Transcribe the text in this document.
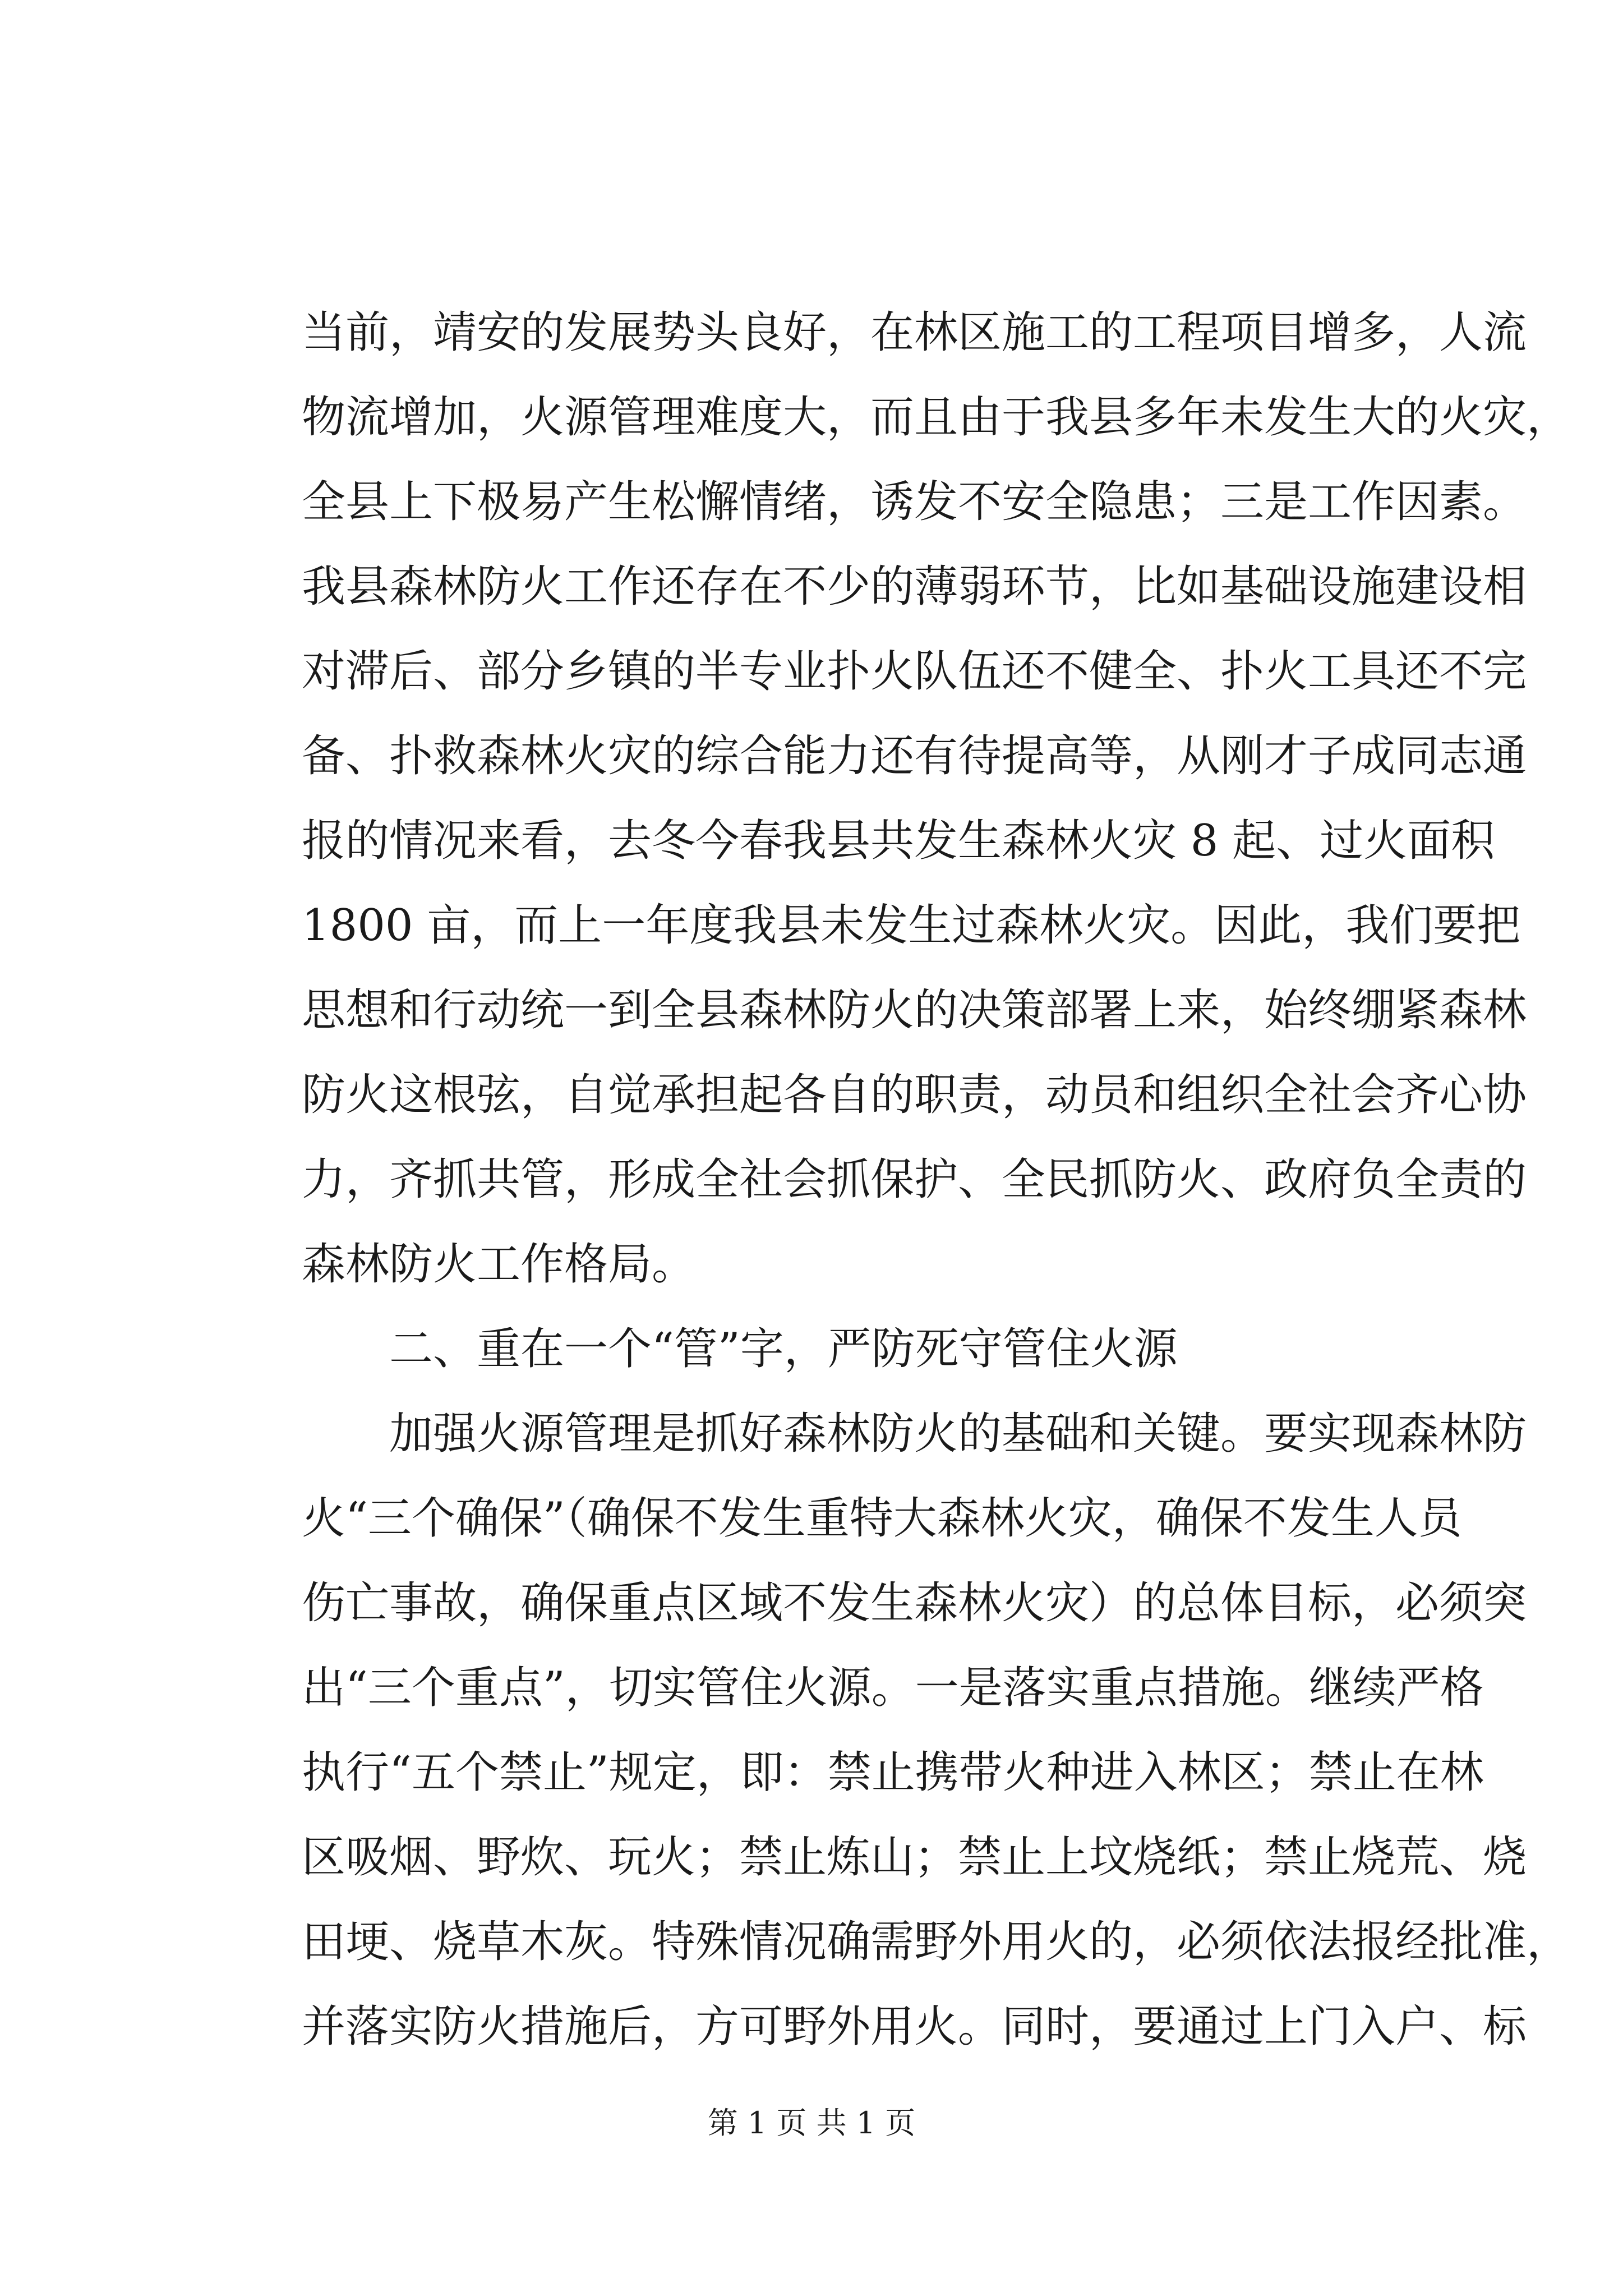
当前，靖安的发展势头良好，在林区施工的工程项目增多，人流
物流增加，火源管理难度大，而且由于我县多年未发生大的火灾，
全县上下极易产生松懈情绪，诱发不安全隐患；三是工作因素。
我县森林防火工作还存在不少的薄弱环节，比如基础设施建设相
对滞后、部分乡镇的半专业扑火队伍还不健全、扑火工具还不完
备、扑救森林火灾的综合能力还有待提高等，从刚才子成同志通
报的情况来看，去冬今春我县共发生森林火灾 8 起、过火面积
1800 亩，而上一年度我县未发生过森林火灾。因此，我们要把
思想和行动统一到全县森林防火的决策部署上来，始终绷紧森林
防火这根弦，自觉承担起各自的职责，动员和组织全社会齐心协
力，齐抓共管，形成全社会抓保护、全民抓防火、政府负全责的
森林防火工作格局。
二、重在一个“管”字，严防死守管住火源
加强火源管理是抓好森林防火的基础和关键。要实现森林防
火“三个确保”（确保不发生重特大森林火灾，确保不发生人员
伤亡事故，确保重点区域不发生森林火灾）的总体目标，必须突
出“三个重点”，切实管住火源。一是落实重点措施。继续严格
执行“五个禁止”规定，即：禁止携带火种进入林区；禁止在林
区吸烟、野炊、玩火；禁止炼山；禁止上坟烧纸；禁止烧荒、烧
田埂、烧草木灰。特殊情况确需野外用火的，必须依法报经批准，
并落实防火措施后，方可野外用火。同时，要通过上门入户、标
第 1 页 共 1 页
